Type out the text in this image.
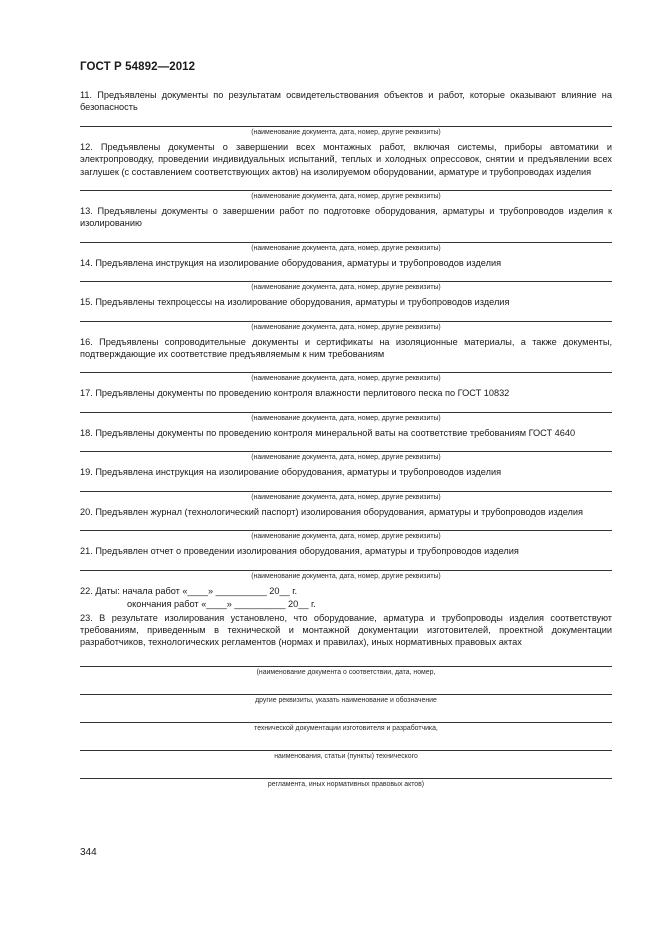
ГОСТ Р 54892—2012
11. Предъявлены документы по результатам освидетельствования объектов и работ, которые оказывают влияние на безопасность
(наименование документа, дата, номер, другие реквизиты)
12. Предъявлены документы о завершении всех монтажных работ, включая системы, приборы автоматики и электропроводку, проведении индивидуальных испытаний, теплых и холодных опрессовок, снятии и предъявлении всех заглушек (с составлением соответствующих актов) на изолируемом оборудовании, арматуре и трубопроводах изделия
(наименование документа, дата, номер, другие реквизиты)
13. Предъявлены документы о завершении работ по подготовке оборудования, арматуры и трубопроводов изделия к изолированию
(наименование документа, дата, номер, другие реквизиты)
14. Предъявлена инструкция на изолирование оборудования, арматуры и трубопроводов изделия
(наименование документа, дата, номер, другие реквизиты)
15. Предъявлены техпроцессы на изолирование оборудования, арматуры и трубопроводов изделия
(наименование документа, дата, номер, другие реквизиты)
16. Предъявлены сопроводительные документы и сертификаты на изоляционные материалы, а также документы, подтверждающие их соответствие предъявляемым к ним требованиям
(наименование документа, дата, номер, другие реквизиты)
17. Предъявлены документы по проведению контроля влажности перлитового песка по ГОСТ 10832
(наименование документа, дата, номер, другие реквизиты)
18. Предъявлены документы по проведению контроля минеральной ваты на соответствие требованиям ГОСТ 4640
(наименование документа, дата, номер, другие реквизиты)
19. Предъявлена инструкция на изолирование оборудования, арматуры и трубопроводов изделия
(наименование документа, дата, номер, другие реквизиты)
20. Предъявлен журнал (технологический паспорт) изолирования оборудования, арматуры и трубопроводов изделия
(наименование документа, дата, номер, другие реквизиты)
21. Предъявлен отчет о проведении изолирования оборудования, арматуры и трубопроводов изделия
(наименование документа, дата, номер, другие реквизиты)
22. Даты: начала работ «____» __________ 20__ г.
окончания работ «____» __________ 20__ г.
23. В результате изолирования установлено, что оборудование, арматура и трубопроводы изделия соответствуют требованиям, приведенным в технической и монтажной документации изготовителей, проектной документации разработчиков, технологических регламентов (нормах и правилах), иных нормативных правовых актах
(наименование документа о соответствии, дата, номер,
другие реквизиты, указать наименование и обозначение
технической документации изготовителя и разработчика,
наименования, статьи (пункты) технического
регламента, иных нормативных правовых актов)
344
